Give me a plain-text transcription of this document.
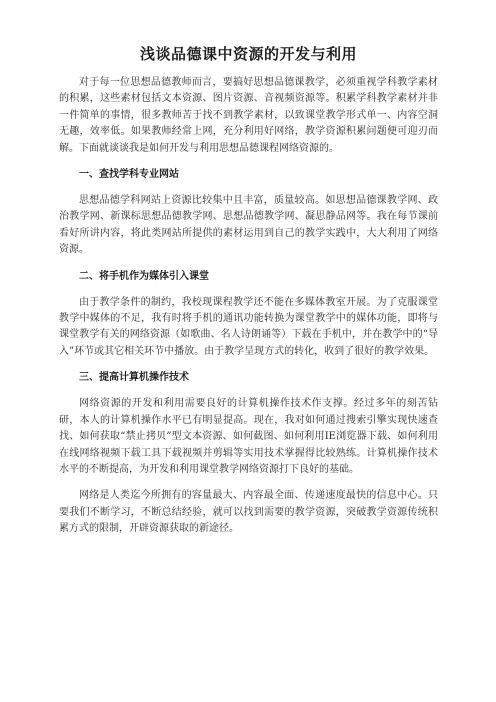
浅谈品德课中资源的开发与利用

对于每一位思想品德教师而言，要搞好思想品德课教学，必须重视学科教学素材的积累，这些素材包括文本资源、图片资源、音视频资源等。积累学科教学素材并非一件简单的事情，很多教师苦于找不到教学素材，以致课堂教学形式单一、内容空洞无趣，效率低。如果教师经常上网，充分利用好网络，教学资源积累问题便可迎刃而解。下面就谈谈我是如何开发与利用思想品德课程网络资源的。

一、查找学科专业网站

思想品德学科网站上资源比较集中且丰富，质量较高。如思想品德课教学网、政治教学网、新课标思想品德教学网、思想品德教学网、凝思静品网等。我在每节课前看好所讲内容，将此类网站所提供的素材运用到自己的教学实践中，大大利用了网络资源。

二、将手机作为媒体引入课堂

由于教学条件的制约，我校现课程教学还不能在多媒体教室开展。为了克服课堂教学中媒体的不足，我有时将手机的通讯功能转换为课堂教学中的媒体功能，即将与课堂教学有关的网络资源（如歌曲、名人诗朗诵等）下载在手机中，并在教学中的“导入”环节或其它相关环节中播放。由于教学呈现方式的转化，收到了很好的教学效果。

三、提高计算机操作技术

网络资源的开发和利用需要良好的计算机操作技术作支撑。经过多年的刻苦钻研，本人的计算机操作水平已有明显提高。现在，我对如何通过搜索引擎实现快速查找、如何获取“禁止拷贝”型文本资源、如何截图、如何利用IE浏览器下载、如何利用在线网络视频下载工具下载视频并剪辑等实用技术掌握得比较熟练。计算机操作技术水平的不断提高，为开发和利用课堂教学网络资源打下良好的基础。

网络是人类迄今所拥有的容量最大、内容最全面、传递速度最快的信息中心。只要我们不断学习，不断总结经验，就可以找到需要的教学资源，突破教学资源传统积累方式的限制，开辟资源获取的新途径。
